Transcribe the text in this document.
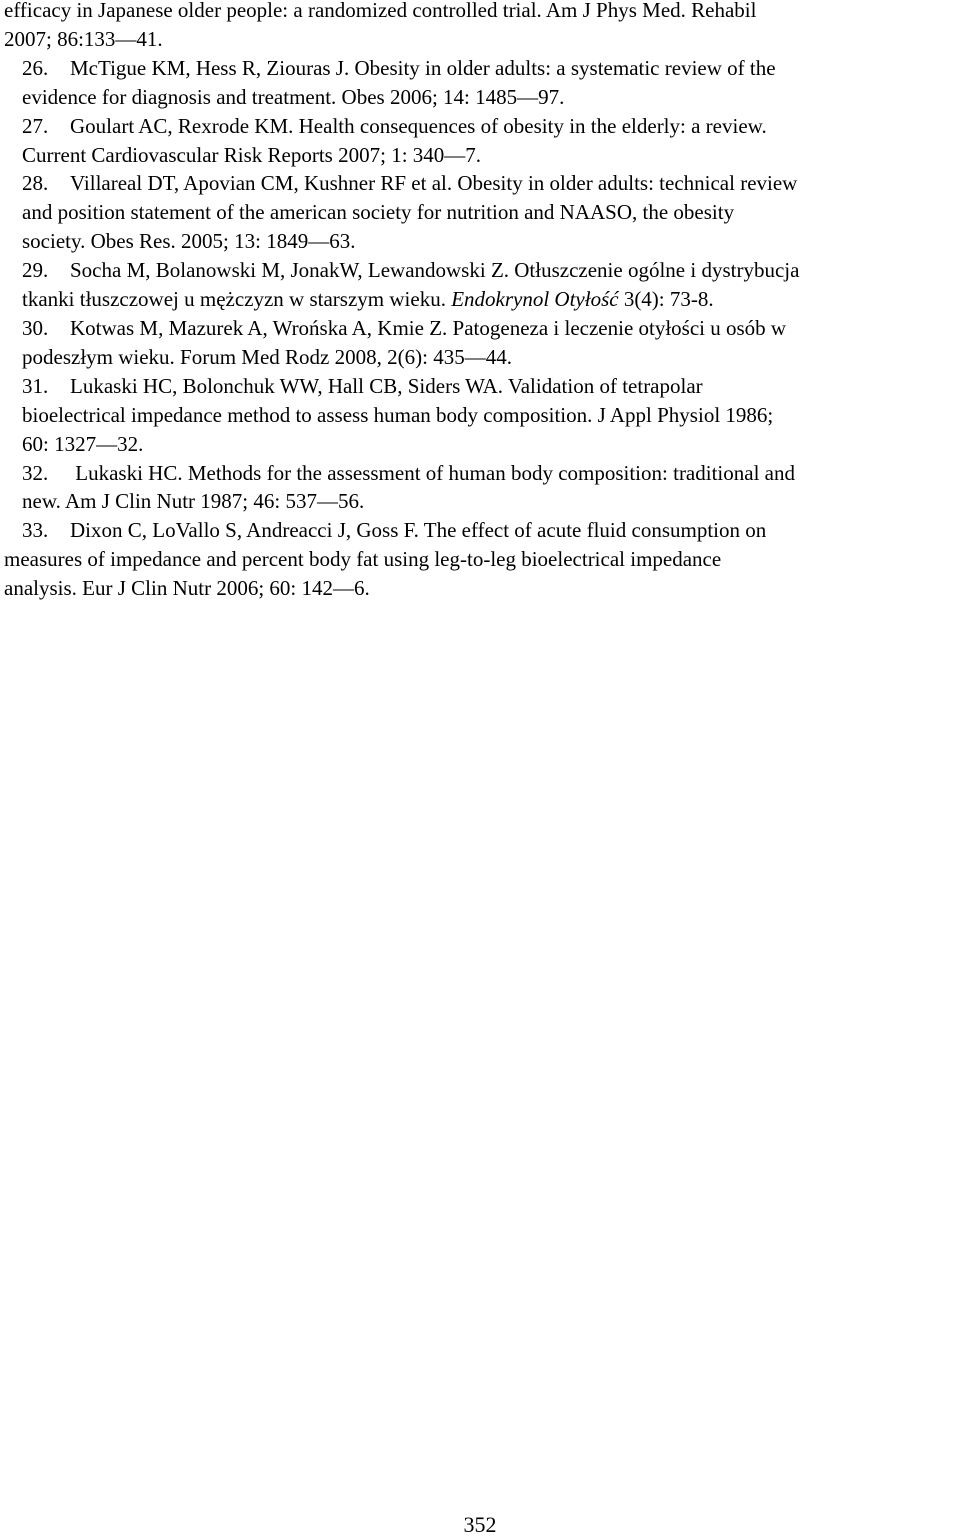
efficacy in Japanese older people: a randomized controlled trial. Am J Phys Med. Rehabil
2007; 86:133—41.
26. McTigue KM, Hess R, Ziouras J. Obesity in older adults: a systematic review of the
evidence for diagnosis and treatment. Obes 2006; 14: 1485—97.
27. Goulart AC, Rexrode KM. Health consequences of obesity in the elderly: a review.
Current Cardiovascular Risk Reports 2007; 1: 340—7.
28. Villareal DT, Apovian CM, Kushner RF et al. Obesity in older adults: technical review
and position statement of the american society for nutrition and NAASO, the obesity
society. Obes Res. 2005; 13: 1849—63.
29. Socha M, Bolanowski M, JonakW, Lewandowski Z. Otłuszczenie ogólne i dystrybucja
tkanki tłuszczowej u mężczyzn w starszym wieku. Endokrynol Otyłość 3(4): 73-8.
30. Kotwas M, Mazurek A, Wrońska A, Kmie Z. Patogeneza i leczenie otyłości u osób w
podeszłym wieku. Forum Med Rodz 2008, 2(6): 435—44.
31. Lukaski HC, Bolonchuk WW, Hall CB, Siders WA. Validation of tetrapolar
bioelectrical impedance method to assess human body composition. J Appl Physiol 1986;
60: 1327—32.
32. Lukaski HC. Methods for the assessment of human body composition: traditional and
new. Am J Clin Nutr 1987; 46: 537—56.
33. Dixon C, LoVallo S, Andreacci J, Goss F. The effect of acute fluid consumption on
measures of impedance and percent body fat using leg-to-leg bioelectrical impedance
analysis. Eur J Clin Nutr 2006; 60: 142—6.
352
